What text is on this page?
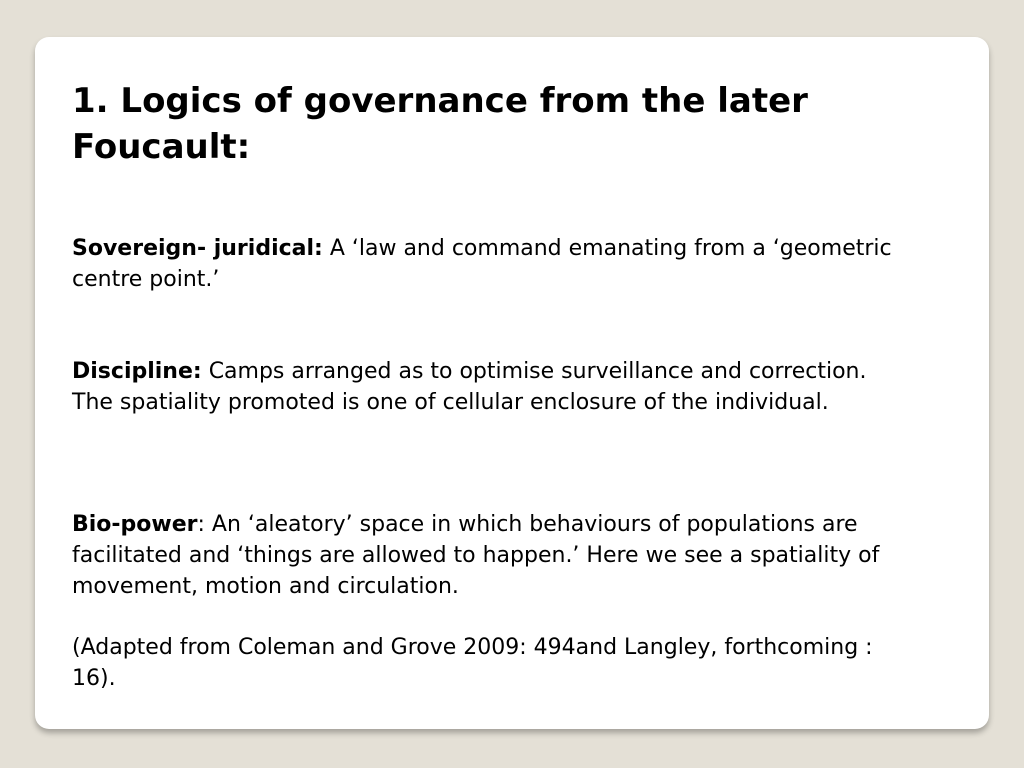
1. Logics of governance from the later Foucault:

Sovereign- juridical: A ‘law and command emanating from a ‘geometric centre point.’

Discipline: Camps arranged as to optimise surveillance and correction. The spatiality promoted is one of cellular enclosure of the individual.

Bio-power: An ‘aleatory’ space in which behaviours of populations are facilitated and ‘things are allowed to happen.’ Here we see a spatiality of movement, motion and circulation.

(Adapted from Coleman and Grove 2009: 494and Langley, forthcoming : 16).
